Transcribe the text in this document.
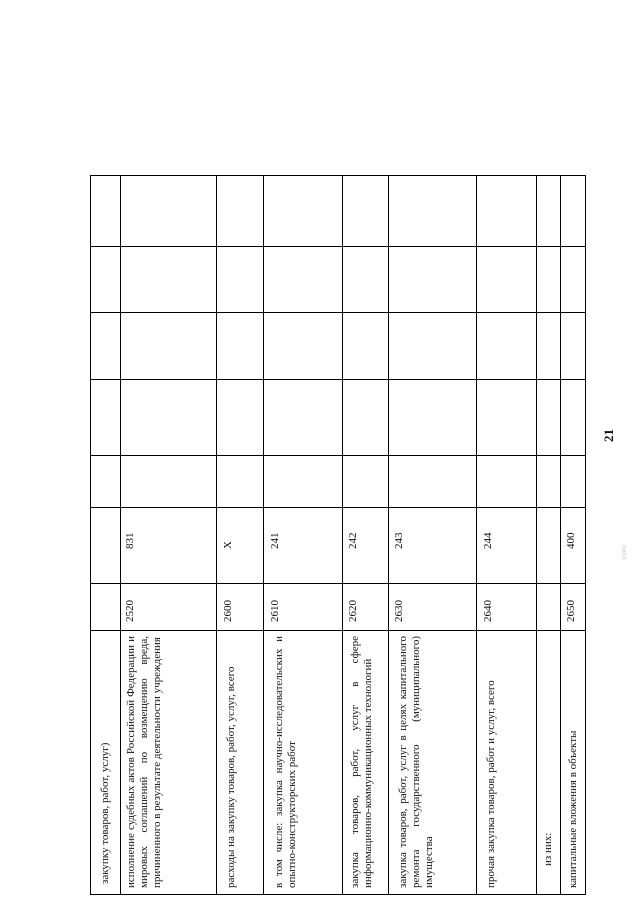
закупку товаров, работ, услуг) исполнение судебных актов Российской Федерации и мировых соглашений по возмещению вреда, причиненного в результате деятельности учреждения
2520
831
расходы на закупку товаров, работ, услуг, всего
2600
X
в том числе: закупка научно-исследовательских и опытно-конструкторских работ
2610
241
закупка товаров, работ, услуг в сфере информационно-коммуникационных технологий
2620
242
закупка товаров, работ, услуг в целях капитального ремонта государственного (муниципального) имущества
2630
243
прочая закупка товаров, работ и услуг, всего
2640
244
из них: капитальные вложения в объекты
2650
400
21
15002
